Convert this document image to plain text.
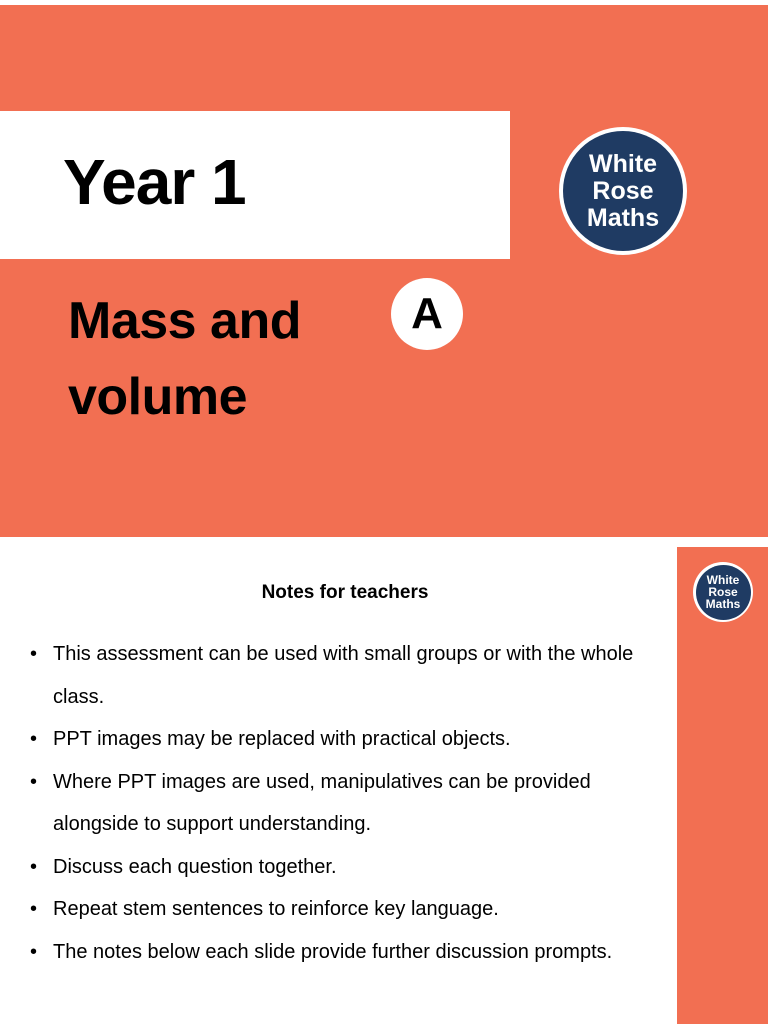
Year 1	White
Rose
Maths
Mass and
volume
A
White
Rose
Maths
Notes for teachers
• This assessment can be used with small groups or with the whole class.
• PPT images may be replaced with practical objects.
• Where PPT images are used, manipulatives can be provided alongside to support understanding.
• Discuss each question together.
• Repeat stem sentences to reinforce key language.
• The notes below each slide provide further discussion prompts.
